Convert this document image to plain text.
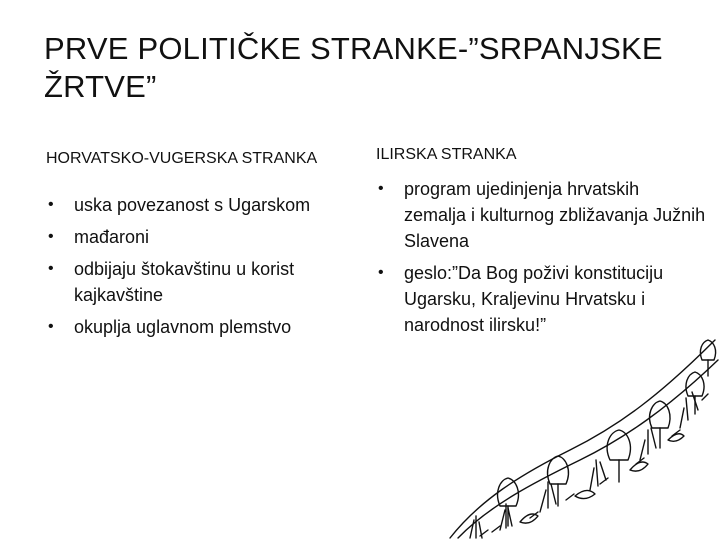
PRVE POLITIČKE STRANKE-”SRPANJSKE ŽRTVE”
HORVATSKO-VUGERSKA STRANKA
• uska povezanost s Ugarskom
• mađaroni
• odbijaju štokavštinu u korist kajkavštine
• okuplja uglavnom plemstvo
ILIRSKA STRANKA
• program ujedinjenja hrvatskih zemalja i kulturnog zbližavanja Južnih Slavena
• geslo:”Da Bog poživi konstituciju Ugarsku, Kraljevinu Hrvatsku i narodnost ilirsku!”
